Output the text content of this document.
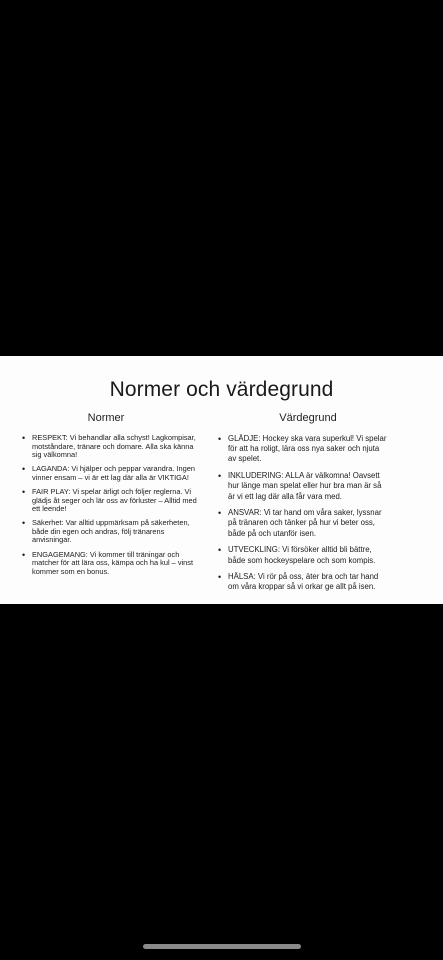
Normer och värdegrund
Normer
• RESPEKT: Vi behandlar alla schyst! Lagkompisar, motståndare, tränare och domare. Alla ska känna sig välkomna!
• LAGANDA: Vi hjälper och peppar varandra. Ingen vinner ensam – vi är ett lag där alla är VIKTIGA!
• FAIR PLAY: Vi spelar ärligt och följer reglerna. Vi glädjs åt seger och lär oss av förluster – Alltid med ett leende!
• Säkerhet: Var alltid uppmärksam på säkerheten, både din egen och andras, följ tränarens anvisningar.
• ENGAGEMANG: Vi kommer till träningar och matcher för att lära oss, kämpa och ha kul – vinst kommer som en bonus.
Värdegrund
• GLÄDJE: Hockey ska vara superkul! Vi spelar för att ha roligt, lära oss nya saker och njuta av spelet.
• INKLUDERING: ALLA är välkomna! Oavsett hur länge man spelat eller hur bra man är så är vi ett lag där alla får vara med.
• ANSVAR: Vi tar hand om våra saker, lyssnar på tränaren och tänker på hur vi beter oss, både på och utanför isen.
• UTVECKLING: Vi försöker alltid bli bättre, både som hockeyspelare och som kompis.
• HÄLSA: Vi rör på oss, äter bra och tar hand om våra kroppar så vi orkar ge allt på isen.
